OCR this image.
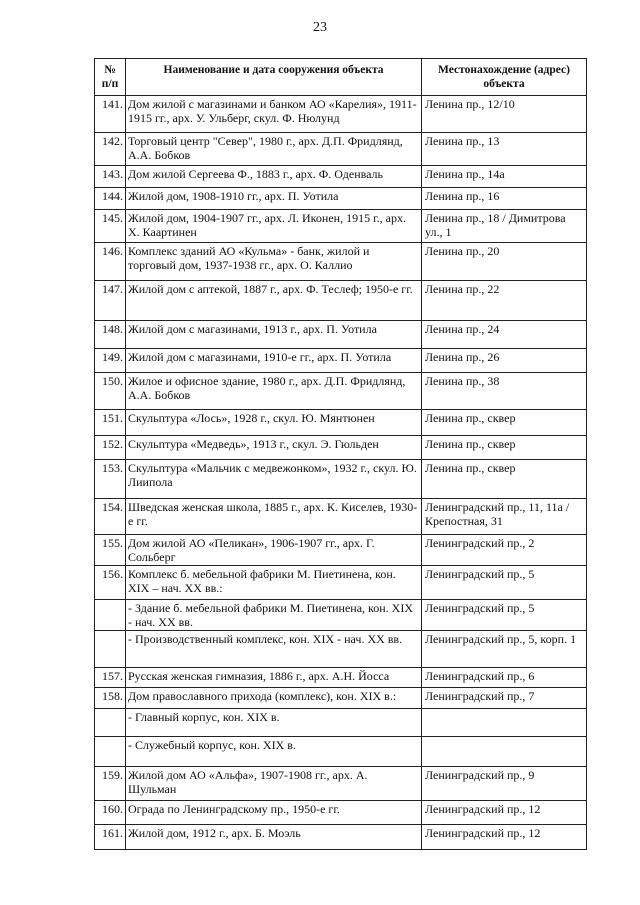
23
№ п/п	Наименование и дата сооружения объекта	Местонахождение (адрес) объекта
141.	Дом жилой с магазинами и банком АО «Карелия», 1911-1915 гг., арх. У. Ульберг, скул. Ф. Нюлунд	Ленина пр., 12/10
142.	Торговый центр "Север", 1980 г., арх. Д.П. Фридлянд, А.А. Бобков	Ленина пр., 13
143.	Дом жилой Сергеева Ф., 1883 г., арх. Ф. Оденваль	Ленина пр., 14а
144.	Жилой дом, 1908-1910 гг., арх. П. Уотила	Ленина пр., 16
145.	Жилой дом, 1904-1907 гг., арх. Л. Иконен, 1915 г., арх. Х. Каартинен	Ленина пр., 18 / Димитрова ул., 1
146.	Комплекс зданий АО «Кульма» - банк, жилой и торговый дом, 1937-1938 гг., арх. О. Каллио	Ленина пр., 20
147.	Жилой дом с аптекой, 1887 г., арх. Ф. Теслеф; 1950-е гг.	Ленина пр., 22
148.	Жилой дом с магазинами, 1913 г., арх. П. Уотила	Ленина пр., 24
149.	Жилой дом с магазинами, 1910-е гг., арх. П. Уотила	Ленина пр., 26
150.	Жилое и офисное здание, 1980 г., арх. Д.П. Фридлянд, А.А. Бобков	Ленина пр., 38
151.	Скульптура «Лось», 1928 г., скул. Ю. Мянтюнен	Ленина пр., сквер
152.	Скульптура «Медведь», 1913 г., скул. Э. Гюльден	Ленина пр., сквер
153.	Скульптура «Мальчик с медвежонком», 1932 г., скул. Ю. Лиипола	Ленина пр., сквер
154.	Шведская женская школа, 1885 г., арх. К. Киселев, 1930-е гг.	Ленинградский пр., 11, 11а / Крепостная, 31
155.	Дом жилой АО «Пеликан», 1906-1907 гг., арх. Г. Сольберг	Ленинградский пр., 2
156.	Комплекс б. мебельной фабрики М. Пиетинена, кон. XIX – нач. XX вв.:	Ленинградский пр., 5
	- Здание б. мебельной фабрики М. Пиетинена, кон. XIX - нач. XX вв.	Ленинградский пр., 5
	- Производственный комплекс, кон. XIX - нач. XX вв.	Ленинградский пр., 5, корп. 1
157.	Русская женская гимназия, 1886 г., арх. А.Н. Йосса	Ленинградский пр., 6
158.	Дом православного прихода (комплекс), кон. XIX в.:	Ленинградский пр., 7
	- Главный корпус, кон. XIX в.	
	- Служебный корпус, кон. XIX в.	
159.	Жилой дом АО «Альфа», 1907-1908 гг., арх. А. Шульман	Ленинградский пр., 9
160.	Ограда по Ленинградскому пр., 1950-е гг.	Ленинградский пр., 12
161.	Жилой дом, 1912 г., арх. Б. Моэль	Ленинградский пр., 12
